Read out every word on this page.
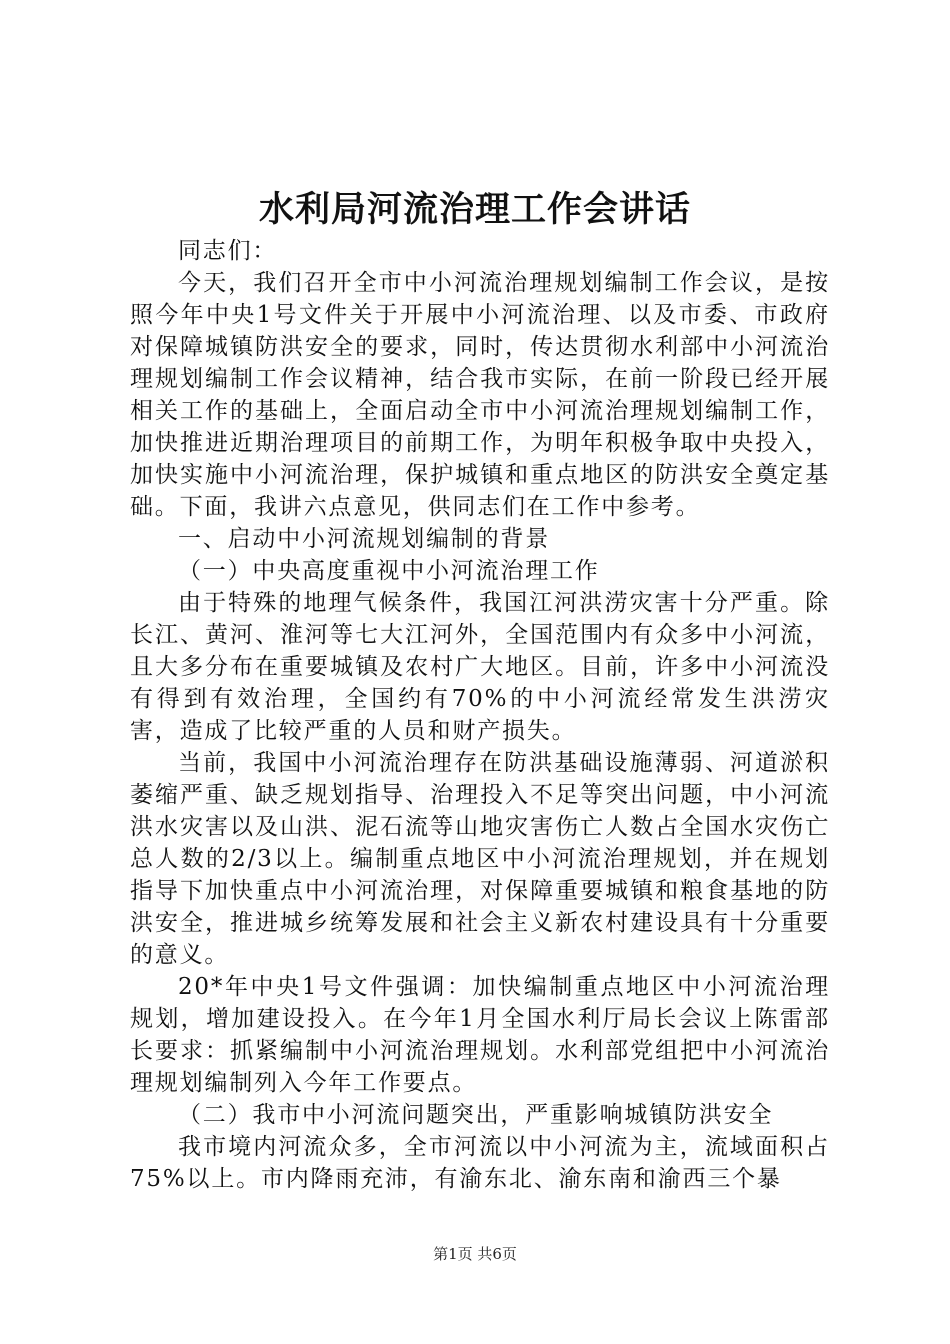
水利局河流治理工作会讲话

同志们：

今天，我们召开全市中小河流治理规划编制工作会议，是按照今年中央1号文件关于开展中小河流治理、以及市委、市政府对保障城镇防洪安全的要求，同时，传达贯彻水利部中小河流治理规划编制工作会议精神，结合我市实际，在前一阶段已经开展相关工作的基础上，全面启动全市中小河流治理规划编制工作，加快推进近期治理项目的前期工作，为明年积极争取中央投入，加快实施中小河流治理，保护城镇和重点地区的防洪安全奠定基础。下面，我讲六点意见，供同志们在工作中参考。

一、启动中小河流规划编制的背景

（一）中央高度重视中小河流治理工作

由于特殊的地理气候条件，我国江河洪涝灾害十分严重。除长江、黄河、淮河等七大江河外，全国范围内有众多中小河流，且大多分布在重要城镇及农村广大地区。目前，许多中小河流没有得到有效治理，全国约有70%的中小河流经常发生洪涝灾害，造成了比较严重的人员和财产损失。

当前，我国中小河流治理存在防洪基础设施薄弱、河道淤积萎缩严重、缺乏规划指导、治理投入不足等突出问题，中小河流洪水灾害以及山洪、泥石流等山地灾害伤亡人数占全国水灾伤亡总人数的2/3以上。编制重点地区中小河流治理规划，并在规划指导下加快重点中小河流治理，对保障重要城镇和粮食基地的防洪安全，推进城乡统筹发展和社会主义新农村建设具有十分重要的意义。

20*年中央1号文件强调：加快编制重点地区中小河流治理规划，增加建设投入。在今年1月全国水利厅局长会议上陈雷部长要求：抓紧编制中小河流治理规划。水利部党组把中小河流治理规划编制列入今年工作要点。

（二）我市中小河流问题突出，严重影响城镇防洪安全

我市境内河流众多，全市河流以中小河流为主，流域面积占75%以上。市内降雨充沛，有渝东北、渝东南和渝西三个暴

第1页 共6页
